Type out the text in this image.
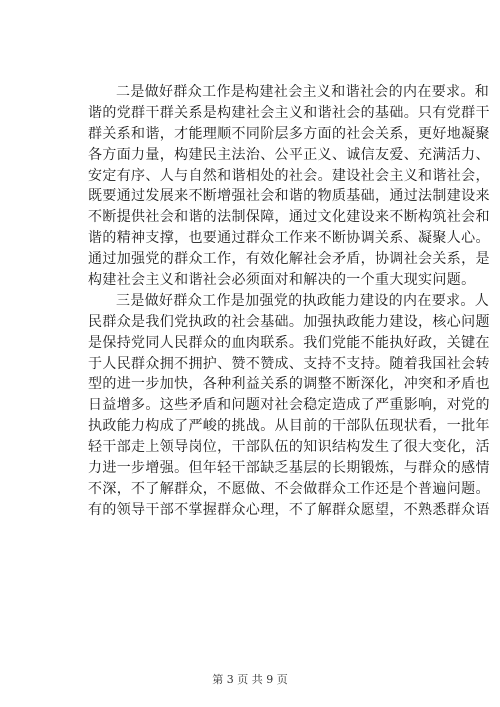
二是做好群众工作是构建社会主义和谐社会的内在要求。和
谐的党群干群关系是构建社会主义和谐社会的基础。只有党群干
群关系和谐，才能理顺不同阶层多方面的社会关系，更好地凝聚
各方面力量，构建民主法治、公平正义、诚信友爱、充满活力、
安定有序、人与自然和谐相处的社会。建设社会主义和谐社会，
既要通过发展来不断增强社会和谐的物质基础，通过法制建设来
不断提供社会和谐的法制保障，通过文化建设来不断构筑社会和
谐的精神支撑，也要通过群众工作来不断协调关系、凝聚人心。
通过加强党的群众工作，有效化解社会矛盾，协调社会关系，是
构建社会主义和谐社会必须面对和解决的一个重大现实问题。

三是做好群众工作是加强党的执政能力建设的内在要求。人
民群众是我们党执政的社会基础。加强执政能力建设，核心问题
是保持党同人民群众的血肉联系。我们党能不能执好政，关键在
于人民群众拥不拥护、赞不赞成、支持不支持。随着我国社会转
型的进一步加快，各种利益关系的调整不断深化，冲突和矛盾也
日益增多。这些矛盾和问题对社会稳定造成了严重影响，对党的
执政能力构成了严峻的挑战。从目前的干部队伍现状看，一批年
轻干部走上领导岗位，干部队伍的知识结构发生了很大变化，活
力进一步增强。但年轻干部缺乏基层的长期锻炼，与群众的感情
不深，不了解群众，不愿做、不会做群众工作还是个普遍问题。
有的领导干部不掌握群众心理，不了解群众愿望，不熟悉群众语

第 3 页 共 9 页
